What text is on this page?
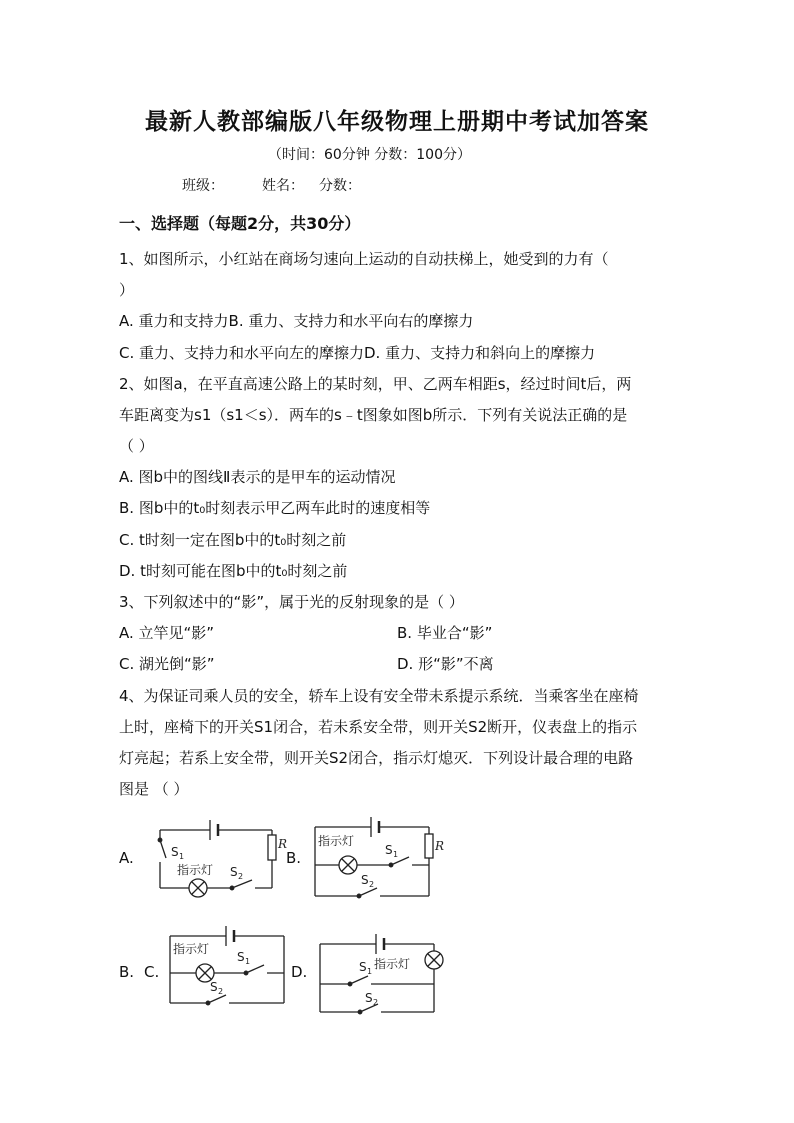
最新人教部编版八年级物理上册期中考试加答案
（时间：60分钟 分数：100分）
班级：	姓名： 分数：
一、选择题（每题2分，共30分）
1、如图所示，小红站在商场匀速向上运动的自动扶梯上，她受到的力有（
）
A. 重力和支持力B. 重力、支持力和水平向右的摩擦力
C. 重力、支持力和水平向左的摩擦力D. 重力、支持力和斜向上的摩擦力
2、如图a，在平直高速公路上的某时刻，甲、乙两车相距s，经过时间t后，两
车距离变为s1（s1＜s）．两车的s﹣t图象如图b所示．下列有关说法正确的是
（ ）
A. 图b中的图线Ⅱ表示的是甲车的运动情况
B. 图b中的t₀时刻表示甲乙两车此时的速度相等
C. t时刻一定在图b中的t₀时刻之前
D. t时刻可能在图b中的t₀时刻之前
3、下列叙述中的“影”，属于光的反射现象的是（ ）
A. 立竿见“影”	B. 毕业合“影”
C. 湖光倒“影”	D. 形“影”不离
4、为保证司乘人员的安全，轿车上设有安全带未系提示系统．当乘客坐在座椅
上时，座椅下的开关S1闭合，若未系安全带，则开关S2断开，仪表盘上的指示
灯亮起；若系上安全带，则开关S2闭合，指示灯熄灭．下列设计最合理的电路
图是 （ ）
A.	B.
B. C.	D.
R
S 1
指示灯 S 2
R
指示灯
S 1
S 2
指示灯
S 1
S 2
S 1
指示灯
S 2
